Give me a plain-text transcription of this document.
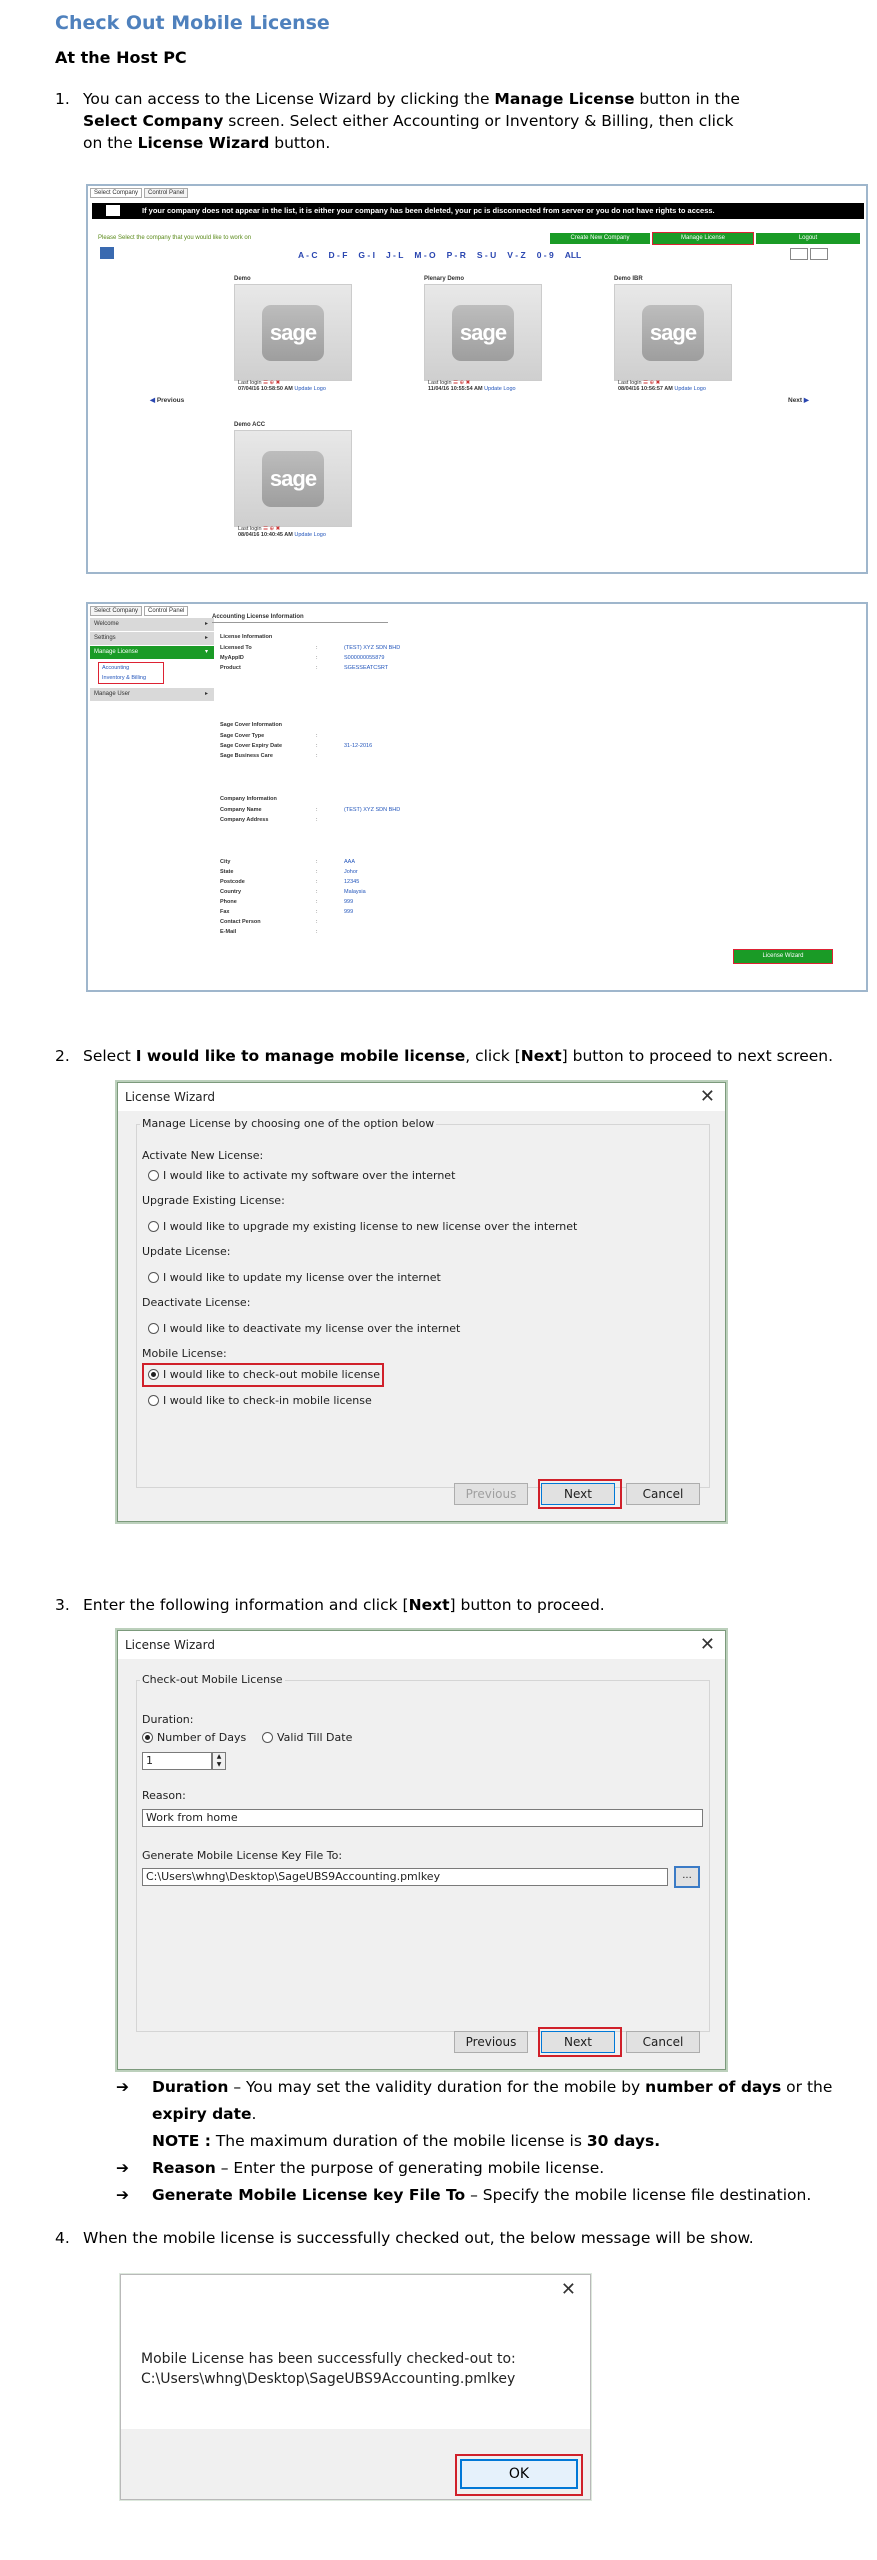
Check Out Mobile License
At the Host PC
1. You can access to the License Wizard by clicking the Manage License button in the
Select Company screen. Select either Accounting or Inventory & Billing, then click
on the License Wizard button.
Select Company	Control Panel
If your company does not appear in the list, it is either your company has been deleted, your pc is disconnected from server or you do not have rights to access.
Create New Company	Manage License	Logout
Please Select the company that you would like to work on
A - C D - F G - I J - L M - O P - R S - U V - Z 0 - 9 ALL
Demo
sage
Last login ☰ ⊕ ✖
07/04/16 10:58:50 AM Update Logo
Plenary Demo
sage
Last login ☰ ⊕ ✖
11/04/16 10:55:54 AM Update Logo
Demo IBR
sage
Last login ☰ ⊕ ✖
08/04/16 10:56:57 AM Update Logo
Demo ACC
sage
Last login ☰ ⊕ ✖
08/04/16 10:40:45 AM Update Logo
◀ Previous	Next ▶
Select Company	Control Panel
Welcome	▸
Settings	▸
Manage License	▾
Accounting
Inventory & Billing
Manage User	▸
Accounting License Information
License Information
Licensed To	:	(TEST) XYZ SDN BHD
MyAppID	:	S000000055879
Product	:	SGESSEATCSRT
Sage Cover Information
Sage Cover Type	:
Sage Cover Expiry Date	:	31-12-2016
Sage Business Care	:
Company Information
Company Name	:	(TEST) XYZ SDN BHD
Company Address	:
City	:	AAA
State	:	Johor
Postcode	:	12345
Country	:	Malaysia
Phone	:	999
Fax	:	999
Contact Person	:
E-Mail	:
License Wizard
2. Select I would like to manage mobile license, click [Next] button to proceed to next screen.
License Wizard	✕
Manage License by choosing one of the option below
Activate New License:
I would like to activate my software over the internet
Upgrade Existing License:
I would like to upgrade my existing license to new license over the internet
Update License:
I would like to update my license over the internet
Deactivate License:
I would like to deactivate my license over the internet
Mobile License:
I would like to check-out mobile license
I would like to check-in mobile license
Previous	Next	Cancel
3. Enter the following information and click [Next] button to proceed.
License Wizard	✕
Check-out Mobile License
Duration:
Number of Days	Valid Till Date
1	▲
▼
Reason:
Work from home
Generate Mobile License Key File To:
C:\Users\whng\Desktop\SageUBS9Accounting.pmlkey	...
Previous	Next	Cancel
➔ Duration – You may set the validity duration for the mobile by number of days or the
expiry date.
NOTE : The maximum duration of the mobile license is 30 days.
➔ Reason – Enter the purpose of generating mobile license.
➔ Generate Mobile License key File To – Specify the mobile license file destination.
4. When the mobile license is successfully checked out, the below message will be show.
✕
Mobile License has been successfully checked-out to:
C:\Users\whng\Desktop\SageUBS9Accounting.pmlkey
OK
